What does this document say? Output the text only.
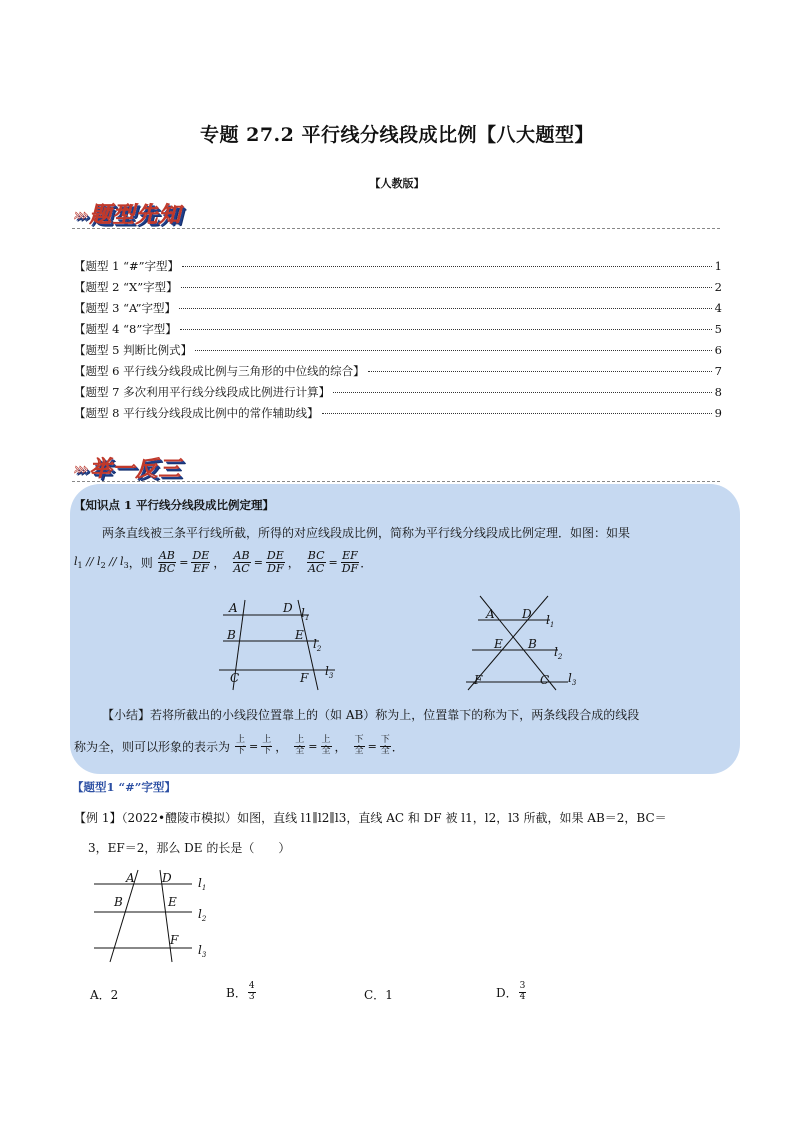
专题 27.2 平行线分线段成比例【八大题型】
【人教版】
››› 题型先知
【题型 1 “#”字型】	1
【题型 2 “X”字型】	2
【题型 3 “A”字型】	4
【题型 4 “8”字型】	5
【题型 5 判断比例式】	6
【题型 6 平行线分线段成比例与三角形的中位线的综合】	7
【题型 7 多次利用平行线分线段成比例进行计算】	8
【题型 8 平行线分线段成比例中的常作辅助线】	9
››› 举一反三
【知识点 1 平行线分线段成比例定理】
两条直线被三条平行线所截，所得的对应线段成比例，简称为平行线分线段成比例定理．如图：如果
$l_1 // l_2 // l_3$ ，则 $\frac{AB}{BC} = \frac{DE}{EF}$ ， $\frac{AB}{AC} = \frac{DE}{DF}$ ， $\frac{BC}{AC} = \frac{EF}{DF}$ ．
A	D $l_1$
B	E
$l_2$
C	F $l_3$
A D $l_1$
E B
$l_2$
F	C $l_3$
【小结】若将所截出的小线段位置靠上的（如 AB）称为上，位置靠下的称为下，两条线段合成的线段
称为全，则可以形象的表示为 $\frac{\text{上}}{\text{下}} = \frac{\text{上}}{\text{下}}$ ， $\frac{\text{上}}{\text{全}} = \frac{\text{上}}{\text{全}}$ ， $\frac{\text{下}}{\text{全}} = \frac{\text{下}}{\text{全}}$ ．
【题型1 “#”字型】
【例 1】（2022•醴陵市模拟）如图，直线 l1∥l2∥l3，直线 AC 和 DF 被 l1，l2，l3 所截，如果 AB＝2，BC＝
3，EF＝2，那么 DE 的长是（　　）
A D $l_1$
B	E
$l_2$
F
$l_3$
A．2	B． $\frac{4}{3}$	C．1	D． $\frac{3}{4}$
